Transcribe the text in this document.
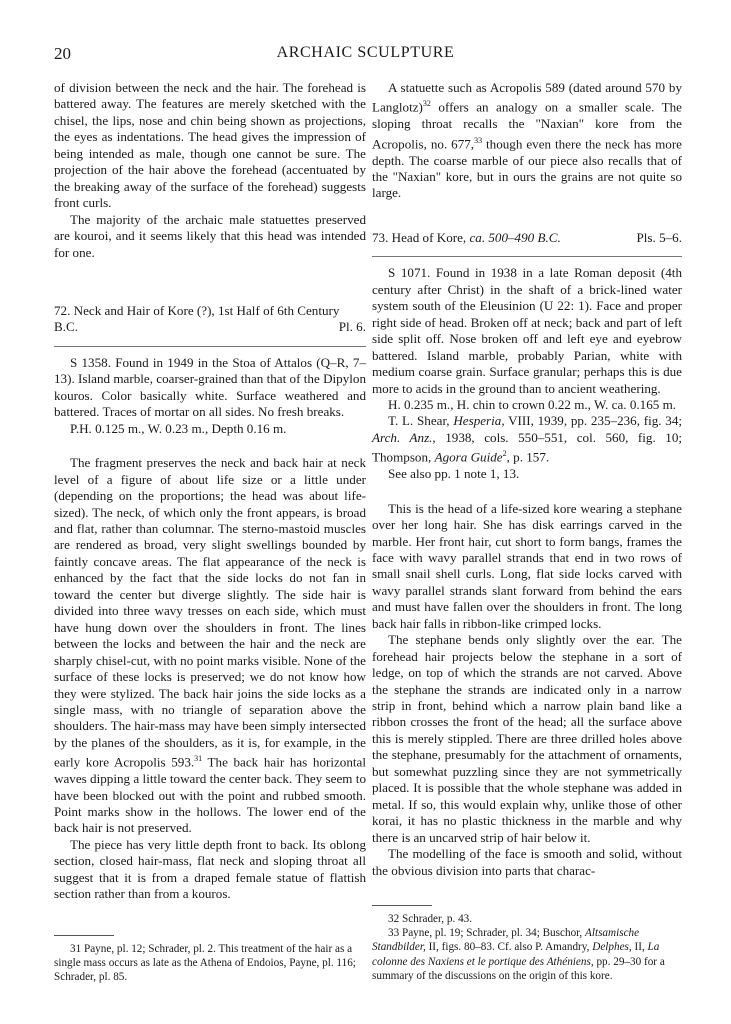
20	ARCHAIC SCULPTURE

of division between the neck and the hair. The forehead is battered away. The features are merely sketched with the chisel, the lips, nose and chin being shown as projections, the eyes as indentations. The head gives the impression of being intended as male, though one cannot be sure. The projection of the hair above the forehead (accentuated by the breaking away of the surface of the forehead) suggests front curls.

The majority of the archaic male statuettes preserved are kouroi, and it seems likely that this head was intended for one.

72. Neck and Hair of Kore (?), 1st Half of 6th Century
B.C.	Pl. 6.

S 1358. Found in 1949 in the Stoa of Attalos (Q–R, 7–13). Island marble, coarser-grained than that of the Dipylon kouros. Color basically white. Surface weathered and battered. Traces of mortar on all sides. No fresh breaks.

P.H. 0.125 m., W. 0.23 m., Depth 0.16 m.

The fragment preserves the neck and back hair at neck level of a figure of about life size or a little under (depending on the proportions; the head was about life-sized). The neck, of which only the front appears, is broad and flat, rather than columnar. The sterno-mastoid muscles are rendered as broad, very slight swellings bounded by faintly concave areas. The flat appearance of the neck is enhanced by the fact that the side locks do not fan in toward the center but diverge slightly. The side hair is divided into three wavy tresses on each side, which must have hung down over the shoulders in front. The lines between the locks and between the hair and the neck are sharply chisel-cut, with no point marks visible. None of the surface of these locks is preserved; we do not know how they were stylized. The back hair joins the side locks as a single mass, with no triangle of separation above the shoulders. The hair-mass may have been simply intersected by the planes of the shoulders, as it is, for example, in the early kore Acropolis 593.31 The back hair has horizontal waves dipping a little toward the center back. They seem to have been blocked out with the point and rubbed smooth. Point marks show in the hollows. The lower end of the back hair is not preserved.

The piece has very little depth front to back. Its oblong section, closed hair-mass, flat neck and sloping throat all suggest that it is from a draped female statue of flattish section rather than from a kouros.

31 Payne, pl. 12; Schrader, pl. 2. This treatment of the hair as a single mass occurs as late as the Athena of Endoios, Payne, pl. 116; Schrader, pl. 85.

A statuette such as Acropolis 589 (dated around 570 by Langlotz)$^{32}$ offers an analogy on a smaller scale. The sloping throat recalls the "Naxian" kore from the Acropolis, no. 677,33 though even there the neck has more depth. The coarse marble of our piece also recalls that of the "Naxian" kore, but in ours the grains are not quite so large.

73. Head of Kore, ca. 500–490 B.C.	Pls. 5–6.

S 1071. Found in 1938 in a late Roman deposit (4th century after Christ) in the shaft of a brick-lined water system south of the Eleusinion (U 22: 1). Face and proper right side of head. Broken off at neck; back and part of left side split off. Nose broken off and left eye and eyebrow battered. Island marble, probably Parian, white with medium coarse grain. Surface granular; perhaps this is due more to acids in the ground than to ancient weathering.

H. 0.235 m., H. chin to crown 0.22 m., W. ca. 0.165 m.

T. L. Shear, Hesperia, VIII, 1939, pp. 235–236, fig. 34; Arch. Anz., 1938, cols. 550–551, col. 560, fig. 10; Thompson, Agora Guide$^2$, p. 157.

See also pp. 1 note 1, 13.

This is the head of a life-sized kore wearing a stephane over her long hair. She has disk earrings carved in the marble. Her front hair, cut short to form bangs, frames the face with wavy parallel strands that end in two rows of small snail shell curls. Long, flat side locks carved with wavy parallel strands slant forward from behind the ears and must have fallen over the shoulders in front. The long back hair falls in ribbon-like crimped locks.

The stephane bends only slightly over the ear. The forehead hair projects below the stephane in a sort of ledge, on top of which the strands are not carved. Above the stephane the strands are indicated only in a narrow strip in front, behind which a narrow plain band like a ribbon crosses the front of the head; all the surface above this is merely stippled. There are three drilled holes above the stephane, presumably for the attachment of ornaments, but somewhat puzzling since they are not symmetrically placed. It is possible that the whole stephane was added in metal. If so, this would explain why, unlike those of other korai, it has no plastic thickness in the marble and why there is an uncarved strip of hair below it.

The modelling of the face is smooth and solid, without the obvious division into parts that charac-

32 Schrader, p. 43.

33 Payne, pl. 19; Schrader, pl. 34; Buschor, Altsamische Standbilder, II, figs. 80–83. Cf. also P. Amandry, Delphes, II, La colonne des Naxiens et le portique des Athéniens, pp. 29–30 for a summary of the discussions on the origin of this kore.
